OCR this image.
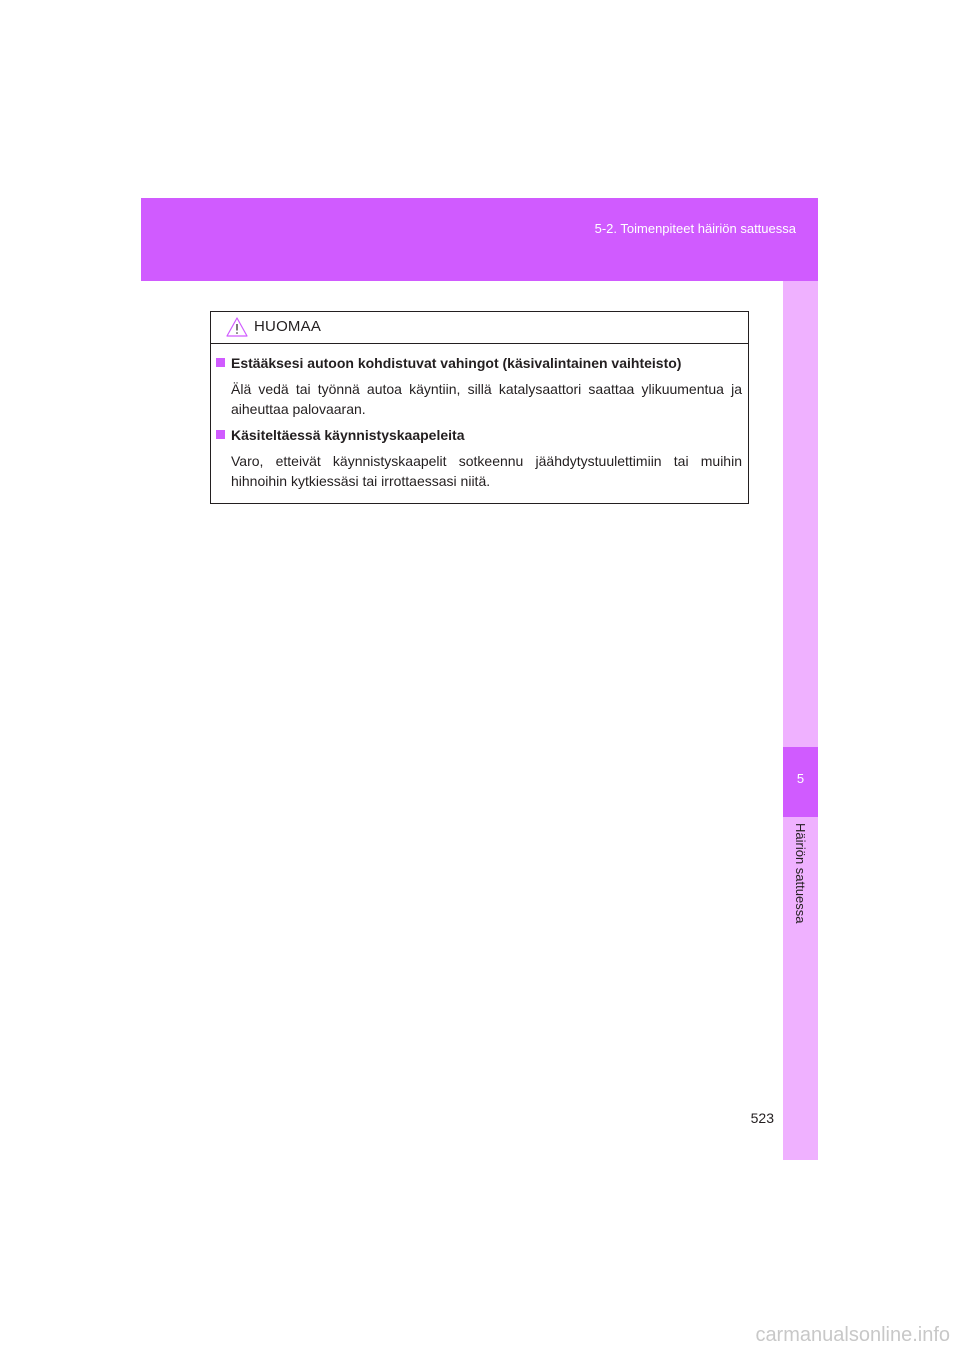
5-2. Toimenpiteet häiriön sattuessa
5
Häiriön sattuessa
HUOMAA
Estääksesi autoon kohdistuvat vahingot (käsivalintainen vaihteisto)
Älä vedä tai työnnä autoa käyntiin, sillä katalysaattori saattaa ylikuumentua ja aiheuttaa palovaaran.
Käsiteltäessä käynnistyskaapeleita
Varo, etteivät käynnistyskaapelit sotkeennu jäähdytystuulettimiin tai muihin hihnoihin kytkiessäsi tai irrottaessasi niitä.
523
carmanualsonline.info
